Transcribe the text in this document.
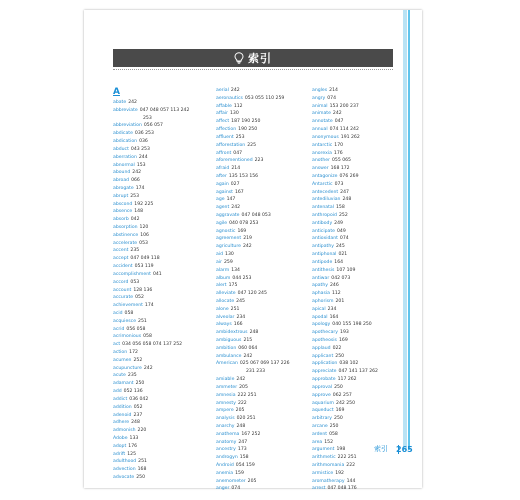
索引
A
abate 242
abbreviate 047 048 057 113 242
253
abbreviation 056 057
abdicate 036 253
abdication 036
abduct 043 253
aberration 244
abnormal 153
abound 242
abroad 066
abrogate 174
abrupt 253
abscond 192 225
absence 148
absorb 042
absorption 120
abstinence 106
accelerate 053
accent 235
accept 047 049 118
accident 053 119
accomplishment 041
accord 053
account 128 136
accurate 052
achievement 174
acid 058
acquiesce 251
acrid 056 058
acrimonious 058
act 034 056 058 074 137 252
action 172
acumen 252
acupuncture 242
acute 235
adamant 250
add 052 136
addict 036 042
addition 052
adenoid 237
adhere 248
admonish 220
Adobe 133
adopt 176
adrift 125
adulthood 251
advection 168
advocate 250
aerial 242
aeronautics 053 055 110 259
affable 112
affair 130
affect 187 190 250
affection 190 250
affluent 253
afforestation 225
affront 047
aforementioned 223
afraid 214
after 135 153 156
again 027
against 167
age 147
agent 242
aggravate 047 048 053
agile 040 078 253
agnostic 169
agreement 219
agriculture 242
aid 130
air 259
alarm 134
album 044 253
alert 175
alleviate 047 120 245
allocate 245
alone 251
alveolar 234
always 166
ambidextrous 248
ambiguous 215
ambition 060 064
ambulance 242
American 025 067 069 137 226
231 233
amiable 242
ammeter 205
amnesia 222 251
amnesty 222
ampere 205
analysis 020 251
anarchy 248
anathema 167 252
anatomy 247
ancestry 173
androgyn 158
Android 054 159
anemia 159
anemometer 205
anger 074
angles 214
angry 074
animal 153 200 237
animate 242
annotate 047
annual 074 114 242
anonymous 191 262
antarctic 170
anorexia 176
another 055 065
answer 168 172
antagonize 076 269
Antarctic 073
antecedent 247
antediluvian 248
antenatal 158
anthropoid 252
antibody 249
anticipate 049
antioxidant 074
antipathy 245
antiphonal 021
antipode 164
antithesis 107 109
antiwar 042 073
apathy 246
aphasia 112
aphorism 201
apical 234
apodal 164
apology 040 155 198 250
apothecary 193
apotheosis 169
applaud 022
applicant 250
application 038 102
appreciate 047 141 137 262
approbate 117 262
approval 250
approve 062 257
aquarium 242 250
aqueduct 169
arbitrary 250
arcane 250
ardent 058
area 152
argument 198
arithmetic 222 251
arithmomania 222
armistice 192
aromatherapy 144
arrest 047 048 176
索引 265
